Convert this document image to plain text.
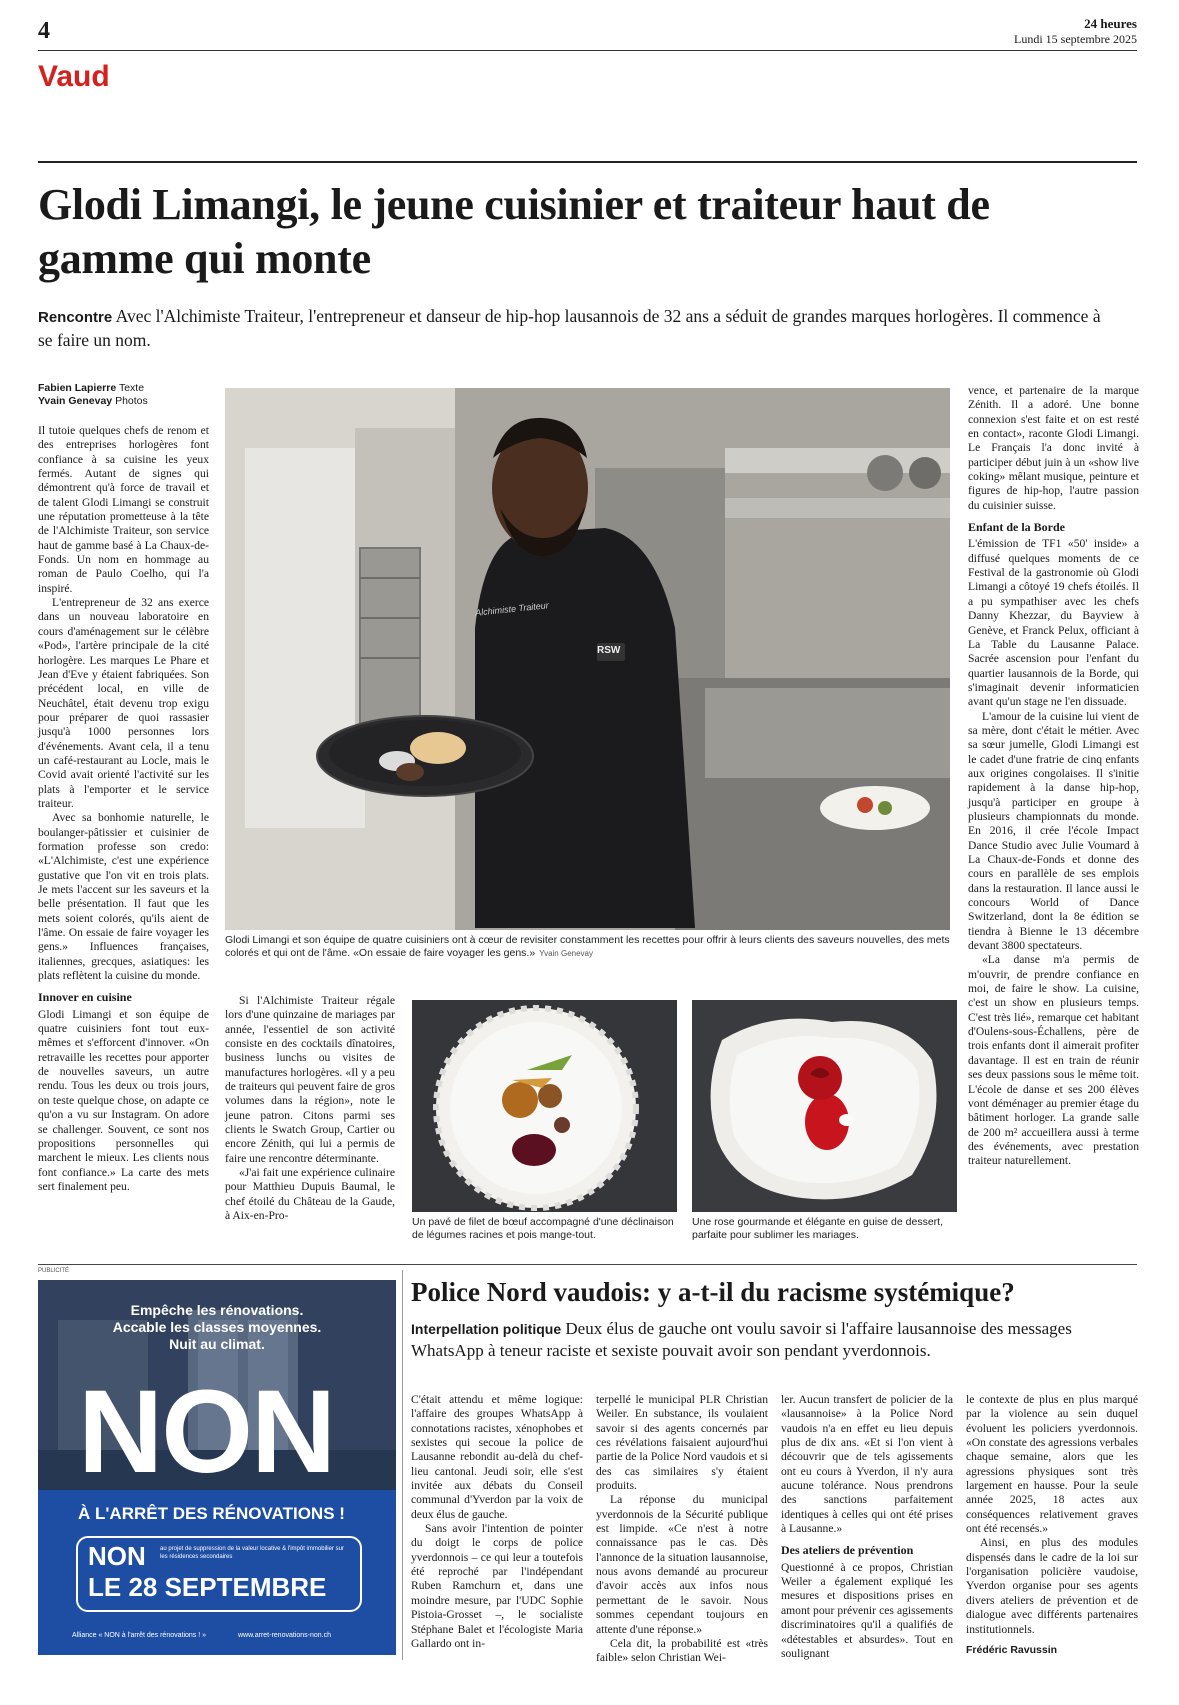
4	24 heures
Lundi 15 septembre 2025
Vaud
Glodi Limangi, le jeune cuisinier et traiteur haut de gamme qui monte
Rencontre Avec l'Alchimiste Traiteur, l'entrepreneur et danseur de hip-hop lausannois de 32 ans a séduit de grandes marques horlogères. Il commence à se faire un nom.
Fabien Lapierre Texte
Yvain Genevay Photos

Il tutoie quelques chefs de renom et des entreprises horlogères font confiance à sa cuisine les yeux fermés. Autant de signes qui démontrent qu'à force de travail et de talent Glodi Limangi se construit une réputation prometteuse à la tête de l'Alchimiste Traiteur, son service haut de gamme basé à La Chaux-de-Fonds. Un nom en hommage au roman de Paulo Coelho, qui l'a inspiré.

L'entrepreneur de 32 ans exerce dans un nouveau laboratoire en cours d'aménagement sur le célèbre «Pod», l'artère principale de la cité horlogère. Les marques Le Phare et Jean d'Eve y étaient fabriquées. Son précédent local, en ville de Neuchâtel, était devenu trop exigu pour préparer de quoi rassasier jusqu'à 1000 personnes lors d'événements. Avant cela, il a tenu un café-restaurant au Locle, mais le Covid avait orienté l'activité sur les plats à l'emporter et le service traiteur.

Avec sa bonhomie naturelle, le boulanger-pâtissier et cuisinier de formation professe son credo: «L'Alchimiste, c'est une expérience gustative que l'on vit en trois plats. Je mets l'accent sur les saveurs et la belle présentation. Il faut que les mets soient colorés, qu'ils aient de l'âme. On essaie de faire voyager les gens.» Influences françaises, italiennes, grecques, asiatiques: les plats reflètent la cuisine du monde.

Innover en cuisine

Glodi Limangi et son équipe de quatre cuisiniers font tout eux-mêmes et s'efforcent d'innover. «On retravaille les recettes pour apporter de nouvelles saveurs, un autre rendu. Tous les deux ou trois jours, on teste quelque chose, on adapte ce qu'on a vu sur Instagram. On adore se challenger. Souvent, ce sont nos propositions personnelles qui marchent le mieux. Les clients nous font confiance.» La carte des mets sert finalement peu.

Alchimiste Traiteur
RSW
Glodi Limangi et son équipe de quatre cuisiniers ont à cœur de revisiter constamment les recettes pour offrir à leurs clients des saveurs nouvelles, des mets colorés et qui ont de l'âme. «On essaie de faire voyager les gens.» Yvain Genevay

Si l'Alchimiste Traiteur régale lors d'une quinzaine de mariages par année, l'essentiel de son activité consiste en des cocktails dînatoires, business lunchs ou visites de manufactures horlogères. «Il y a peu de traiteurs qui peuvent faire de gros volumes dans la région», note le jeune patron. Citons parmi ses clients le Swatch Group, Cartier ou encore Zénith, qui lui a permis de faire une rencontre déterminante.

«J'ai fait une expérience culinaire pour Matthieu Dupuis Baumal, le chef étoilé du Château de la Gaude, à Aix-en-Pro-	Un pavé de filet de bœuf accompagné d'une déclinaison de légumes racines et pois mange-tout.
Une rose gourmande et élégante en guise de dessert, parfaite pour sublimer les mariages.

vence, et partenaire de la marque Zénith. Il a adoré. Une bonne connexion s'est faite et on est resté en contact», raconte Glodi Limangi. Le Français l'a donc invité à participer début juin à un «show live coking» mêlant musique, peinture et figures de hip-hop, l'autre passion du cuisinier suisse.

Enfant de la Borde

L'émission de TF1 «50' inside» a diffusé quelques moments de ce Festival de la gastronomie où Glodi Limangi a côtoyé 19 chefs étoilés. Il a pu sympathiser avec les chefs Danny Khezzar, du Bayview à Genève, et Franck Pelux, officiant à La Table du Lausanne Palace. Sacrée ascension pour l'enfant du quartier lausannois de la Borde, qui s'imaginait devenir informaticien avant qu'un stage ne l'en dissuade.

L'amour de la cuisine lui vient de sa mère, dont c'était le métier. Avec sa sœur jumelle, Glodi Limangi est le cadet d'une fratrie de cinq enfants aux origines congolaises. Il s'initie rapidement à la danse hip-hop, jusqu'à participer en groupe à plusieurs championnats du monde. En 2016, il crée l'école Impact Dance Studio avec Julie Voumard à La Chaux-de-Fonds et donne des cours en parallèle de ses emplois dans la restauration. Il lance aussi le concours World of Dance Switzerland, dont la 8e édition se tiendra à Bienne le 13 décembre devant 3800 spectateurs.

«La danse m'a permis de m'ouvrir, de prendre confiance en moi, de faire le show. La cuisine, c'est un show en plusieurs temps. C'est très lié», remarque cet habitant d'Oulens-sous-Échallens, père de trois enfants dont il aimerait profiter davantage. Il est en train de réunir ses deux passions sous le même toit. L'école de danse et ses 200 élèves vont déménager au premier étage du bâtiment horloger. La grande salle de 200 m² accueillera aussi à terme des événements, avec prestation traiteur naturellement.

PUBLICITÉ
Empêche les rénovations.
Accable les classes moyennes.
Nuit au climat.
NON
À L'ARRÊT DES RÉNOVATIONS !
NON au projet de suppression de la valeur locative & l'impôt immobilier sur les résidences secondaires
LE 28 SEPTEMBRE
Alliance « NON à l'arrêt des rénovations ! »	www.arret-renovations-non.ch
Police Nord vaudois: y a-t-il du racisme systémique?
Interpellation politique Deux élus de gauche ont voulu savoir si l'affaire lausannoise des messages WhatsApp à teneur raciste et sexiste pouvait avoir son pendant yverdonnois.

C'était attendu et même logique: l'affaire des groupes WhatsApp à connotations racistes, xénophobes et sexistes qui secoue la police de Lausanne rebondit au-delà du chef-lieu cantonal. Jeudi soir, elle s'est invitée aux débats du Conseil communal d'Yverdon par la voix de deux élus de gauche.

Sans avoir l'intention de pointer du doigt le corps de police yverdonnois – ce qui leur a toutefois été reproché par l'indépendant Ruben Ramchurn et, dans une moindre mesure, par l'UDC Sophie Pistoia-Grosset –, le socialiste Stéphane Balet et l'écologiste Maria Gallardo ont in-

terpellé le municipal PLR Christian Weiler. En substance, ils voulaient savoir si des agents concernés par ces révélations faisaient aujourd'hui partie de la Police Nord vaudois et si des cas similaires s'y étaient produits.

La réponse du municipal yverdonnois de la Sécurité publique est limpide. «Ce n'est à notre connaissance pas le cas. Dès l'annonce de la situation lausannoise, nous avons demandé au procureur d'avoir accès aux infos nous permettant de le savoir. Nous sommes cependant toujours en attente d'une réponse.»

Cela dit, la probabilité est «très faible» selon Christian Wei-

ler. Aucun transfert de policier de la «lausannoise» à la Police Nord vaudois n'a en effet eu lieu depuis plus de dix ans. «Et si l'on vient à découvrir que de tels agissements ont eu cours à Yverdon, il n'y aura aucune tolérance. Nous prendrons des sanctions parfaitement identiques à celles qui ont été prises à Lausanne.»

Des ateliers de prévention

Questionné à ce propos, Christian Weiler a également expliqué les mesures et dispositions prises en amont pour prévenir ces agissements discriminatoires qu'il a qualifiés de «détestables et absurdes». Tout en soulignant

le contexte de plus en plus marqué par la violence au sein duquel évoluent les policiers yverdonnois. «On constate des agressions verbales chaque semaine, alors que les agressions physiques sont très largement en hausse. Pour la seule année 2025, 18 actes aux conséquences relativement graves ont été recensés.»

Ainsi, en plus des modules dispensés dans le cadre de la loi sur l'organisation policière vaudoise, Yverdon organise pour ses agents divers ateliers de prévention et de dialogue avec différents partenaires institutionnels.

Frédéric Ravussin
